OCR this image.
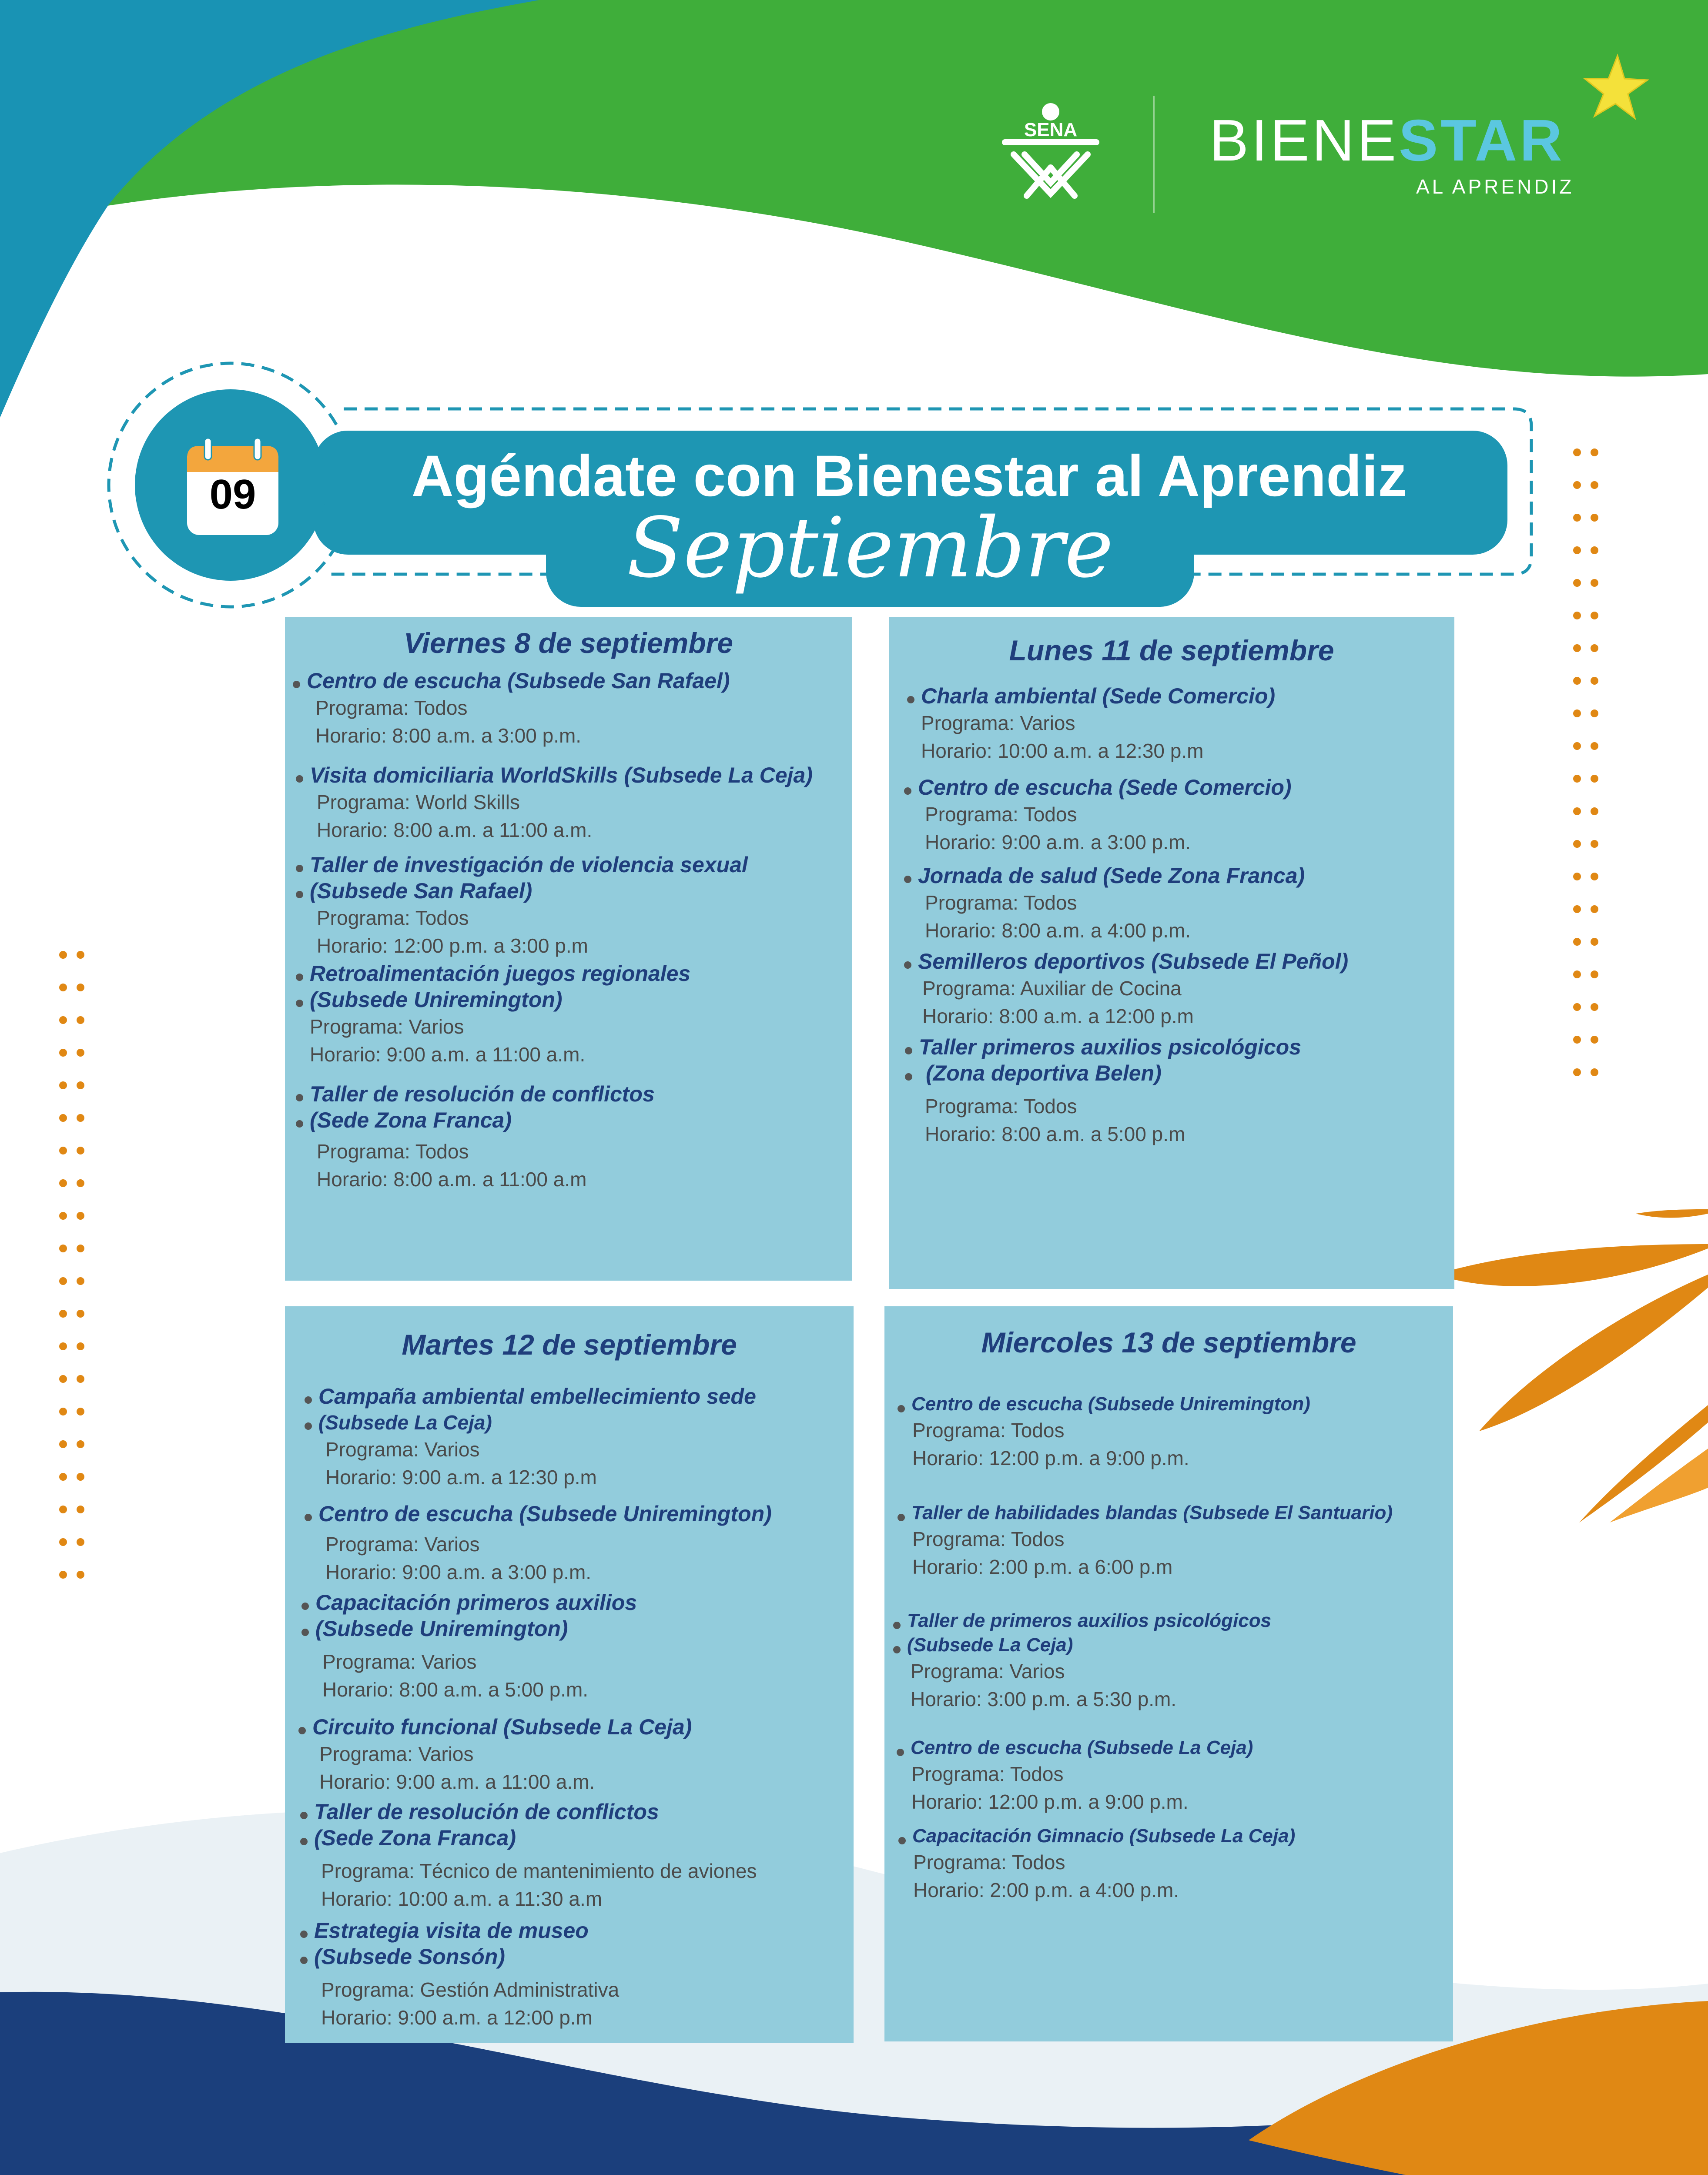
SENA BIENESTAR
AL APRENDIZ
09	Agéndate con Bienestar al Aprendiz
Septiembre
Viernes 8 de septiembre
Centro de escucha (Subsede San Rafael)
Programa: Todos
Horario: 8:00 a.m. a 3:00 p.m.
Visita domiciliaria WorldSkills (Subsede La Ceja)
Programa: World Skills
Horario: 8:00 a.m. a 11:00 a.m.
Taller de investigación de violencia sexual
(Subsede San Rafael)
Programa: Todos
Horario: 12:00 p.m. a 3:00 p.m
Retroalimentación juegos regionales
(Subsede Uniremington)
Programa: Varios
Horario: 9:00 a.m. a 11:00 a.m.
Taller de resolución de conflictos
(Sede Zona Franca)
Programa: Todos
Horario: 8:00 a.m. a 11:00 a.m
Lunes 11 de septiembre
Charla ambiental (Sede Comercio)
Programa: Varios
Horario: 10:00 a.m. a 12:30 p.m
Centro de escucha (Sede Comercio)
Programa: Todos
Horario: 9:00 a.m. a 3:00 p.m.
Jornada de salud (Sede Zona Franca)
Programa: Todos
Horario: 8:00 a.m. a 4:00 p.m.
Semilleros deportivos (Subsede El Peñol)
Programa: Auxiliar de Cocina
Horario: 8:00 a.m. a 12:00 p.m
Taller primeros auxilios psicológicos
(Zona deportiva Belen)
Programa: Todos
Horario: 8:00 a.m. a 5:00 p.m
Martes 12 de septiembre
Campaña ambiental embellecimiento sede
(Subsede La Ceja)
Programa: Varios
Horario: 9:00 a.m. a 12:30 p.m
Centro de escucha (Subsede Uniremington)
Programa: Varios
Horario: 9:00 a.m. a 3:00 p.m.
Capacitación primeros auxilios
(Subsede Uniremington)
Programa: Varios
Horario: 8:00 a.m. a 5:00 p.m.
Circuito funcional (Subsede La Ceja)
Programa: Varios
Horario: 9:00 a.m. a 11:00 a.m.
Taller de resolución de conflictos
(Sede Zona Franca)
Programa: Técnico de mantenimiento de aviones
Horario: 10:00 a.m. a 11:30 a.m
Estrategia visita de museo
(Subsede Sonsón)
Programa: Gestión Administrativa
Horario: 9:00 a.m. a 12:00 p.m
Miercoles 13 de septiembre
Centro de escucha (Subsede Uniremington)
Programa: Todos
Horario: 12:00 p.m. a 9:00 p.m.
Taller de habilidades blandas (Subsede El Santuario)
Programa: Todos
Horario: 2:00 p.m. a 6:00 p.m
Taller de primeros auxilios psicológicos
(Subsede La Ceja)
Programa: Varios
Horario: 3:00 p.m. a 5:30 p.m.
Centro de escucha (Subsede La Ceja)
Programa: Todos
Horario: 12:00 p.m. a 9:00 p.m.
Capacitación Gimnacio (Subsede La Ceja)
Programa: Todos
Horario: 2:00 p.m. a 4:00 p.m.
